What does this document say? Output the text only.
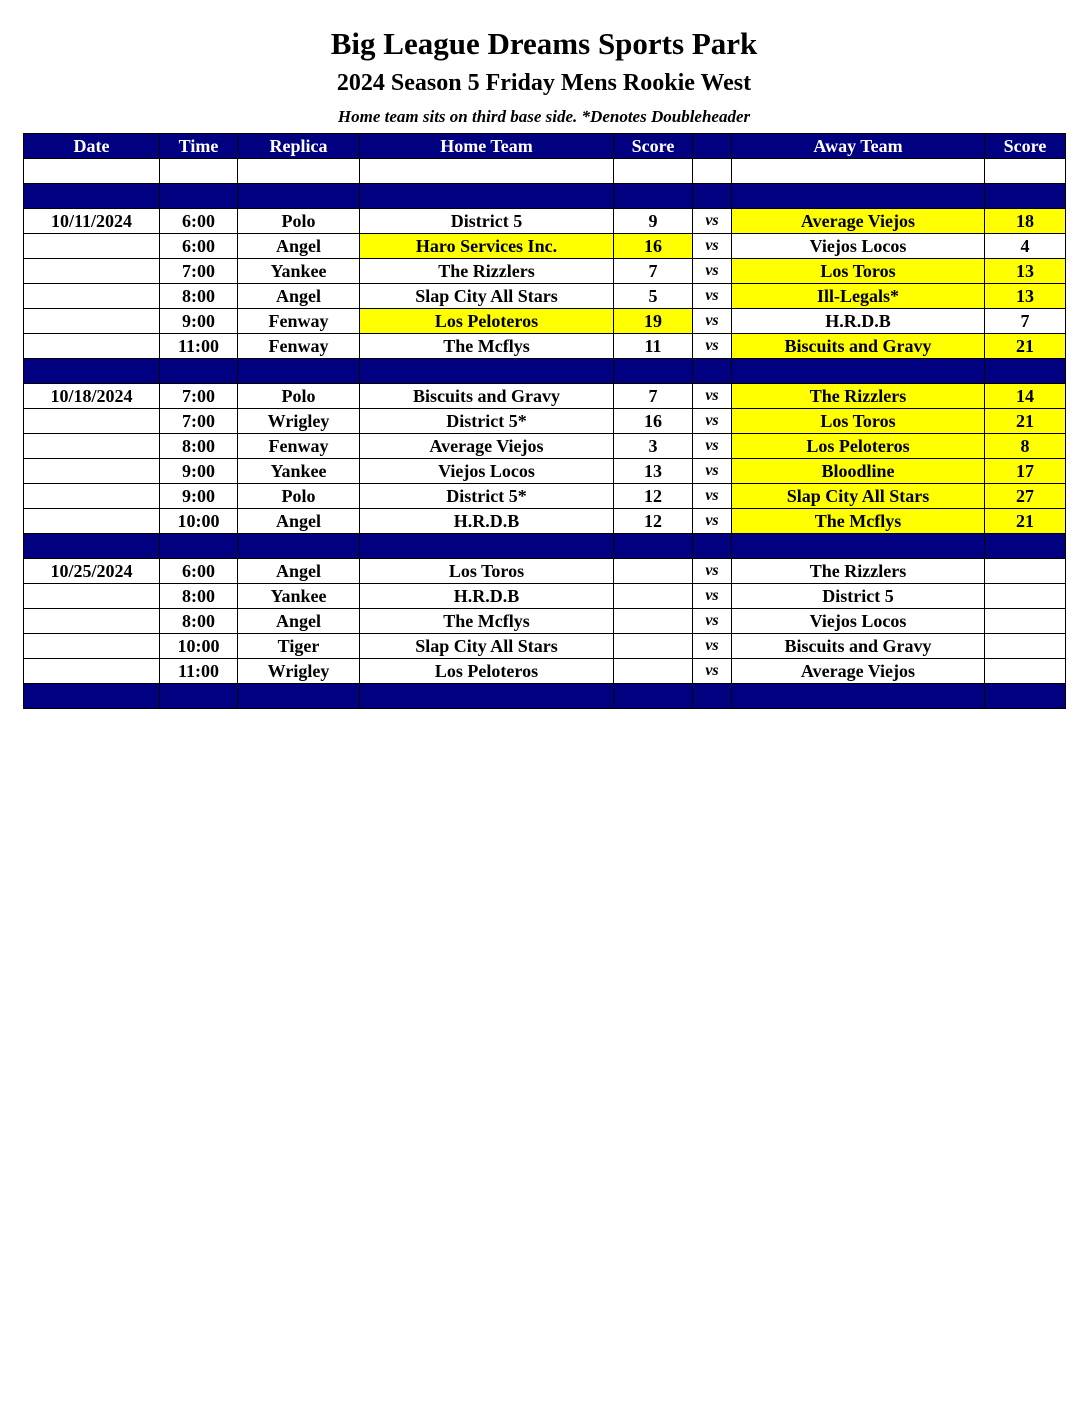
Big League Dreams Sports Park
2024 Season 5 Friday Mens Rookie West
Home team sits on third base side. *Denotes Doubleheader
Date	Time	Replica	Home Team	Score		Away Team	Score

10/11/2024	6:00	Polo	District 5	9	vs	Average Viejos	18
	6:00	Angel	Haro Services Inc.	16	vs	Viejos Locos	4
	7:00	Yankee	The Rizzlers	7	vs	Los Toros	13
	8:00	Angel	Slap City All Stars	5	vs	Ill-Legals*	13
	9:00	Fenway	Los Peloteros	19	vs	H.R.D.B	7
	11:00	Fenway	The Mcflys	11	vs	Biscuits and Gravy	21

10/18/2024	7:00	Polo	Biscuits and Gravy	7	vs	The Rizzlers	14
	7:00	Wrigley	District 5*	16	vs	Los Toros	21
	8:00	Fenway	Average Viejos	3	vs	Los Peloteros	8
	9:00	Yankee	Viejos Locos	13	vs	Bloodline	17
	9:00	Polo	District 5*	12	vs	Slap City All Stars	27
	10:00	Angel	H.R.D.B	12	vs	The Mcflys	21

10/25/2024	6:00	Angel	Los Toros		vs	The Rizzlers	
	8:00	Yankee	H.R.D.B		vs	District 5	
	8:00	Angel	The Mcflys		vs	Viejos Locos	
	10:00	Tiger	Slap City All Stars		vs	Biscuits and Gravy	
	11:00	Wrigley	Los Peloteros		vs	Average Viejos	
